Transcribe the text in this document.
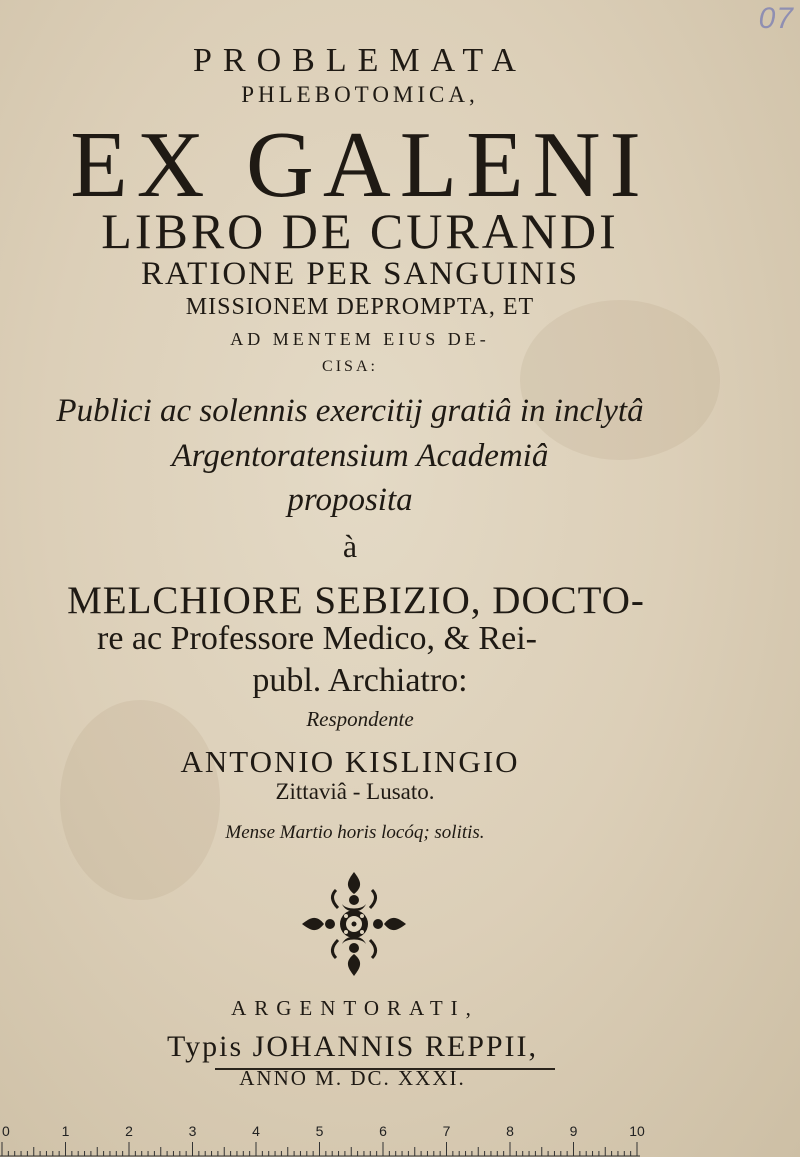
07
PROBLEMATA
PHLEBOTOMICA,
EX GALENI
LIBRO DE CURANDI
RATIONE PER SANGUINIS
MISSIONEM DEPROMPTA, ET
AD MENTEM EIUS DE-
CISA:
Publici ac solennis exercitij gratiâ in inclytâ
Argentoratensium Academiâ
proposita
à
MELCHIORE SEBIZIO, DOCTO-
re ac Professore Medico, & Rei-
publ. Archiatro:
Respondente
ANTONIO KISLINGIO
Zittaviâ - Lusato.
Mense Martio horis locóq; solitis.
ARGENTORATI,
Typis JOHANNIS REPPII,
ANNO M. DC. XXXI.
0	1	2	3	4	5	6	7	8	9	10
